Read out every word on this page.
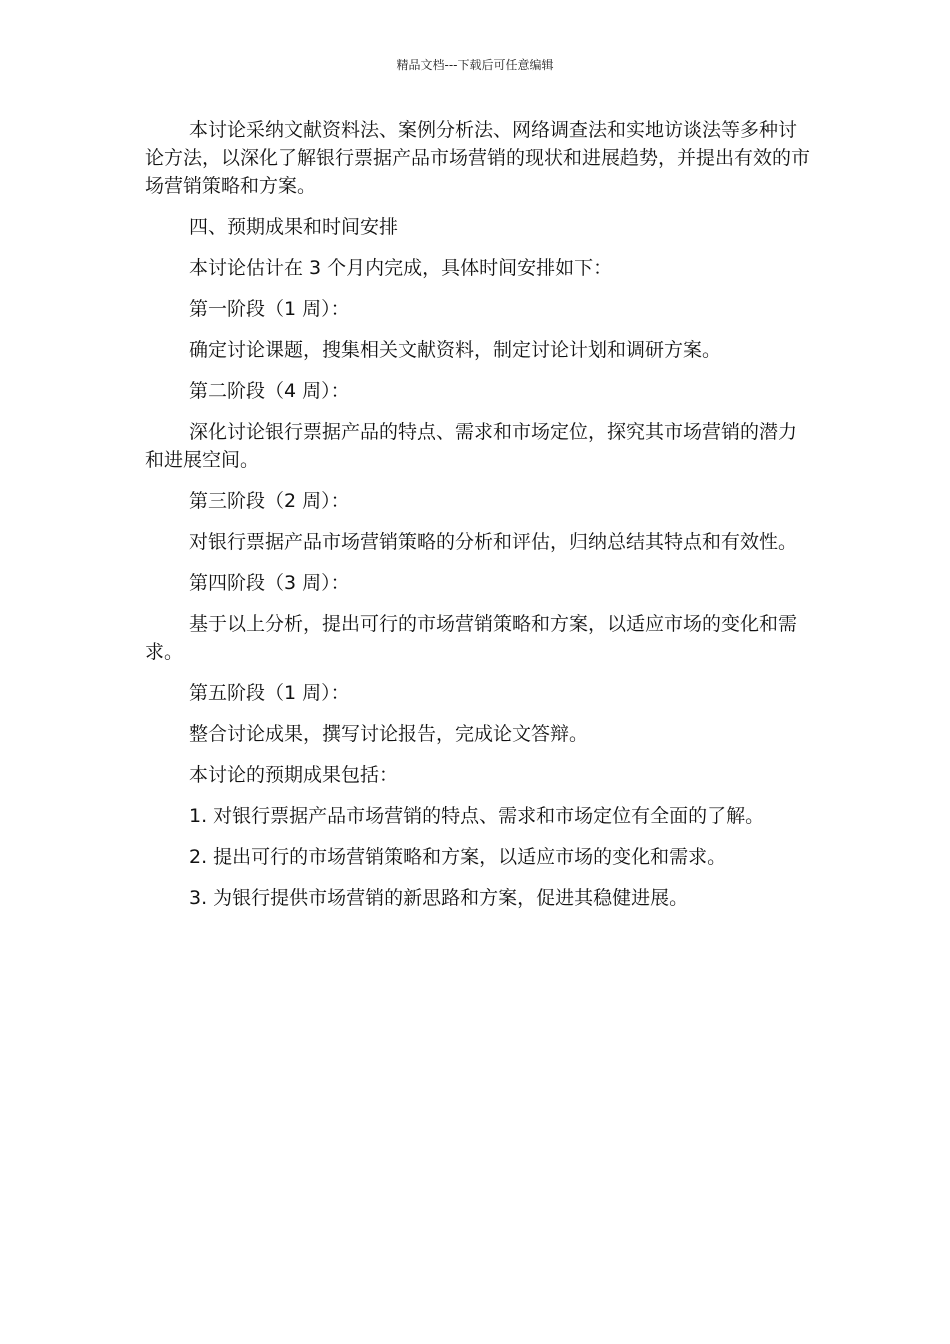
精品文档---下载后可任意编辑

本讨论采纳文献资料法、案例分析法、网络调查法和实地访谈法等多种讨论方法，以深化了解银行票据产品市场营销的现状和进展趋势，并提出有效的市场营销策略和方案。

四、预期成果和时间安排

本讨论估计在 3 个月内完成，具体时间安排如下：

第一阶段（1 周）：

确定讨论课题，搜集相关文献资料，制定讨论计划和调研方案。

第二阶段（4 周）：

深化讨论银行票据产品的特点、需求和市场定位，探究其市场营销的潜力和进展空间。

第三阶段（2 周）：

对银行票据产品市场营销策略的分析和评估，归纳总结其特点和有效性。

第四阶段（3 周）：

基于以上分析，提出可行的市场营销策略和方案，以适应市场的变化和需求。

第五阶段（1 周）：

整合讨论成果，撰写讨论报告，完成论文答辩。

本讨论的预期成果包括：

1. 对银行票据产品市场营销的特点、需求和市场定位有全面的了解。

2. 提出可行的市场营销策略和方案，以适应市场的变化和需求。

3. 为银行提供市场营销的新思路和方案，促进其稳健进展。
